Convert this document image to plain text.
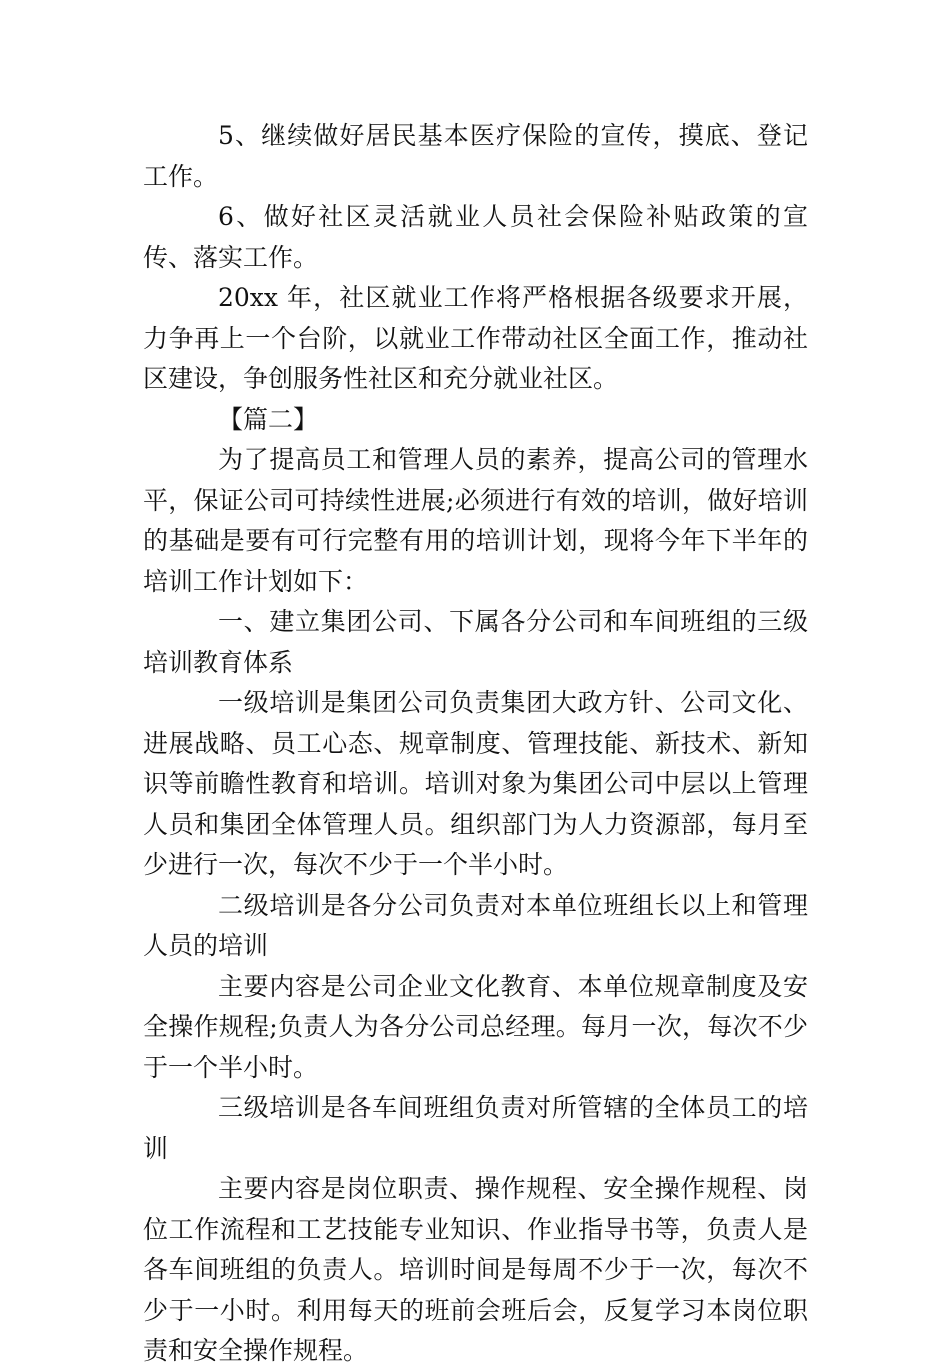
5、继续做好居民基本医疗保险的宣传，摸底、登记工作。

6、做好社区灵活就业人员社会保险补贴政策的宣传、落实工作。

20xx 年，社区就业工作将严格根据各级要求开展，力争再上一个台阶，以就业工作带动社区全面工作，推动社区建设，争创服务性社区和充分就业社区。

【篇二】

为了提高员工和管理人员的素养，提高公司的管理水平，保证公司可持续性进展;必须进行有效的培训，做好培训的基础是要有可行完整有用的培训计划，现将今年下半年的培训工作计划如下：

一、建立集团公司、下属各分公司和车间班组的三级培训教育体系

一级培训是集团公司负责集团大政方针、公司文化、进展战略、员工心态、规章制度、管理技能、新技术、新知识等前瞻性教育和培训。培训对象为集团公司中层以上管理人员和集团全体管理人员。组织部门为人力资源部，每月至少进行一次，每次不少于一个半小时。

二级培训是各分公司负责对本单位班组长以上和管理人员的培训

主要内容是公司企业文化教育、本单位规章制度及安全操作规程;负责人为各分公司总经理。每月一次，每次不少于一个半小时。

三级培训是各车间班组负责对所管辖的全体员工的培训

主要内容是岗位职责、操作规程、安全操作规程、岗位工作流程和工艺技能专业知识、作业指导书等，负责人是各车间班组的负责人。培训时间是每周不少于一次，每次不少于一小时。利用每天的班前会班后会，反复学习本岗位职责和安全操作规程。
